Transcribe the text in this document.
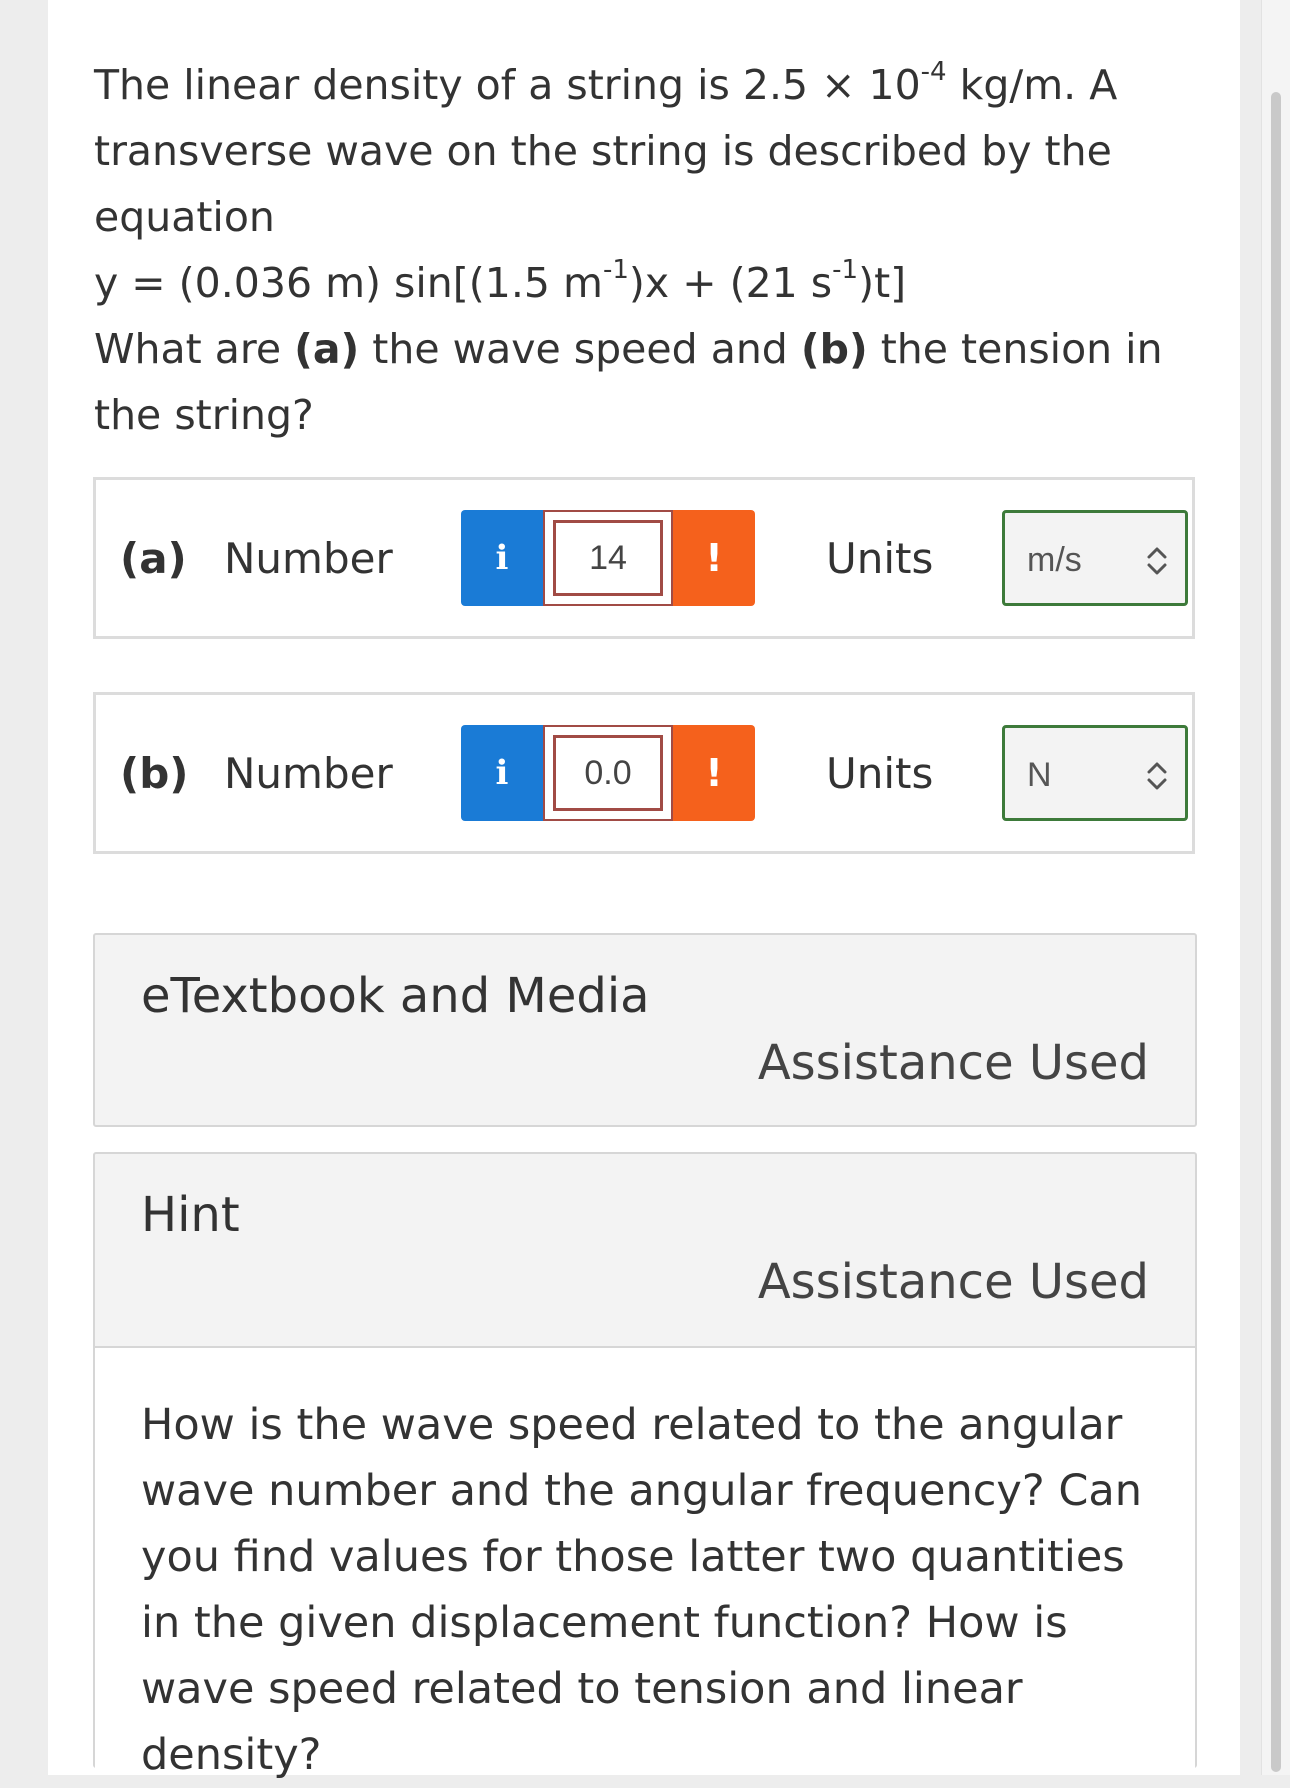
The linear density of a string is $2.5 \times 10^{-4}$ kg/m. A

transverse wave on the string is described by the

equation

y = (0.036 m) sin[(1.5 $m^{-1})x + (21$ $s^{-1})t$]

What are (a) the wave speed and (b) the tension in

the string?

(a) Number	i	14	!	Units	m/s
(b) Number	i	0.0	!	Units	N
eTextbook and Media
Assistance Used
Hint
Assistance Used
How is the wave speed related to the angular wave number and the angular frequency? Can you find values for those latter two quantities in the given displacement function? How is wave speed related to tension and linear density?
